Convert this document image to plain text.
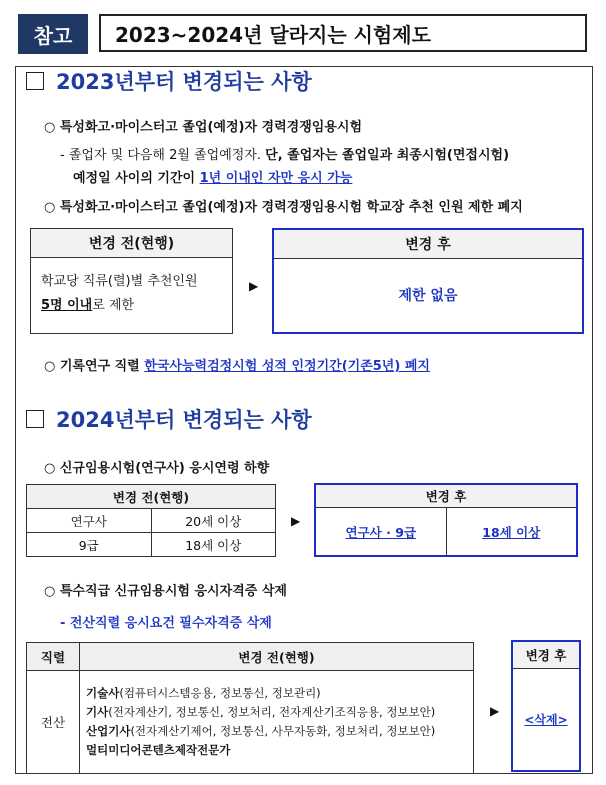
참고	2023~2024년 달라지는 시험제도
2023년부터 변경되는 사항
○ 특성화고·마이스터고 졸업(예정)자 경력경쟁임용시험
- 졸업자 및 다음해 2월 졸업예정자. 단, 졸업자는 졸업일과 최종시험(면접시험)
예정일 사이의 기간이 1년 이내인 자만 응시 가능
○ 특성화고·마이스터고 졸업(예정)자 경력경쟁임용시험 학교장 추천 인원 제한 폐지
변경 전(현행)
학교당 직류(렬)별 추천인원
5명 이내로 제한
▶
변경 후
제한 없음
○ 기록연구 직렬 한국사능력검정시험 성적 인정기간(기존5년) 폐지
2024년부터 변경되는 사항
○ 신규임용시험(연구사) 응시연령 하향
변경 전(현행)	
연구사	20세 이상
9급	18세 이상
▶
변경 후
연구사 · 9급	18세 이상
○ 특수직급 신규임용시험 응시자격증 삭제
- 전산직렬 응시요건 필수자격증 삭제
직렬	변경 전(현행)
전산	기술사(컴퓨터시스템응용, 정보통신, 정보관리)
기사(전자계산기, 정보통신, 정보처리, 전자계산기조직응용, 정보보안)
산업기사(전자계산기제어, 정보통신, 사무자동화, 정보처리, 정보보안)
멀티미디어콘텐츠제작전문가
▶
변경 후
<삭제>
